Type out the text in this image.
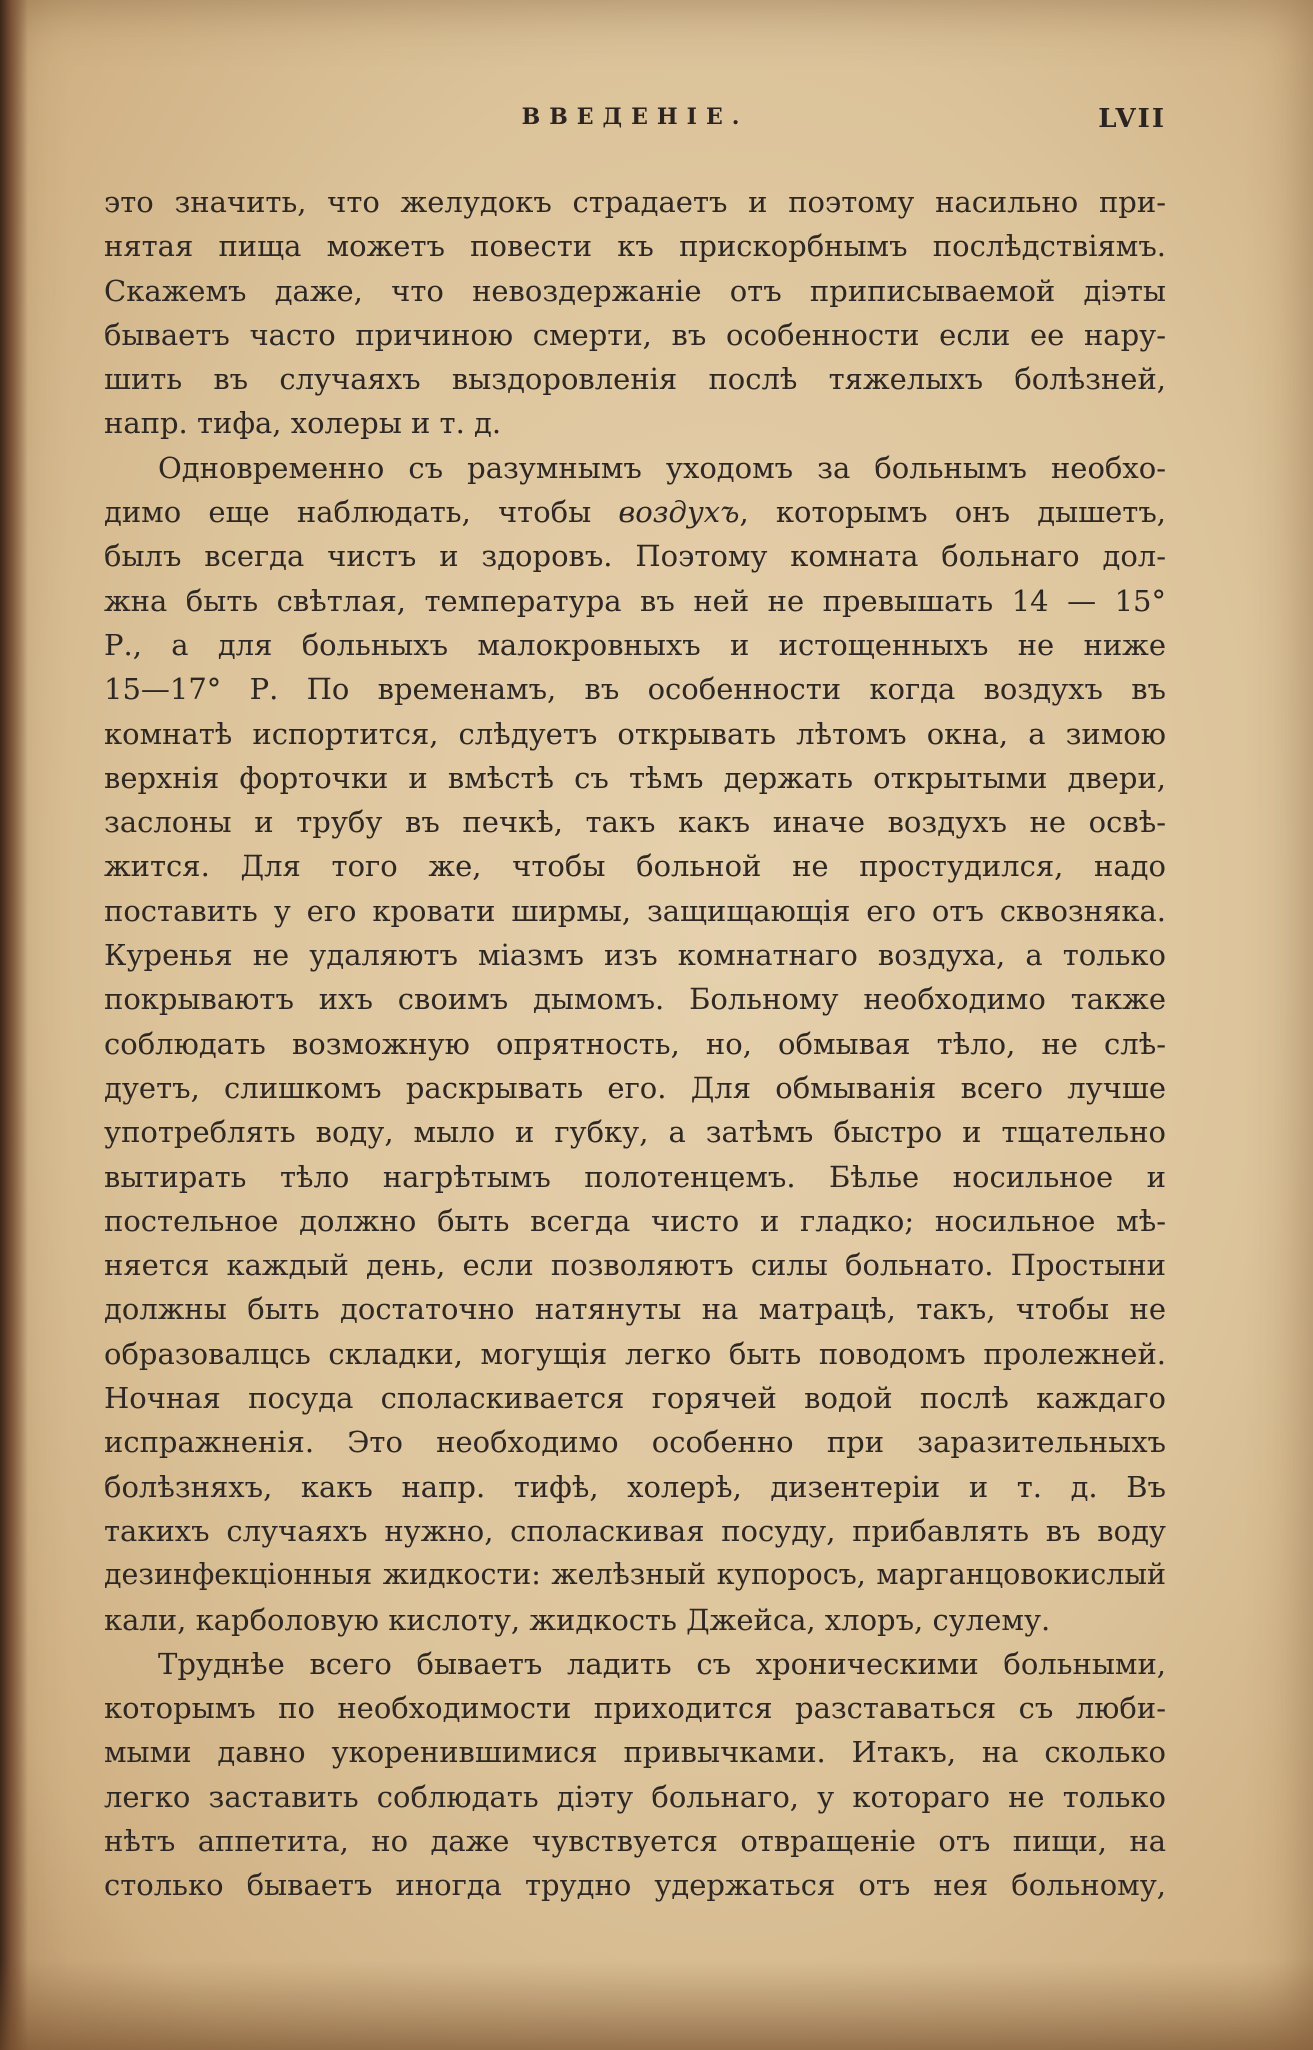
ВВЕДЕНIЕ.	LVII
это значить, что желудокъ страдаетъ и поэтому насильно при-
нятая пища можетъ повести къ прискорбнымъ послѣдствiямъ.
Скажемъ даже, что невоздержанiе отъ приписываемой дiэты
бываетъ часто причиною смерти, въ особенности если ее нару-
шить въ случаяхъ выздоровленiя послѣ тяжелыхъ болѣзней,
напр. тифа, холеры и т. д.
Одновременно съ разумнымъ уходомъ за больнымъ необхо-
димо еще наблюдать, чтобы воздухъ, которымъ онъ дышетъ,
былъ всегда чистъ и здоровъ. Поэтому комната больнаго дол-
жна быть свѣтлая, температура въ ней не превышать 14 — 15°
Р., а для больныхъ малокровныхъ и истощенныхъ не ниже
15—17° Р. По временамъ, въ особенности когда воздухъ въ
комнатѣ испортится, слѣдуетъ открывать лѣтомъ окна, а зимою
верхнiя форточки и вмѣстѣ съ тѣмъ держать открытыми двери,
заслоны и трубу въ печкѣ, такъ какъ иначе воздухъ не освѣ-
жится. Для того же, чтобы больной не простудился, надо
поставить у его кровати ширмы, защищающiя его отъ сквозняка.
Куренья не удаляютъ мiазмъ изъ комнатнаго воздуха, а только
покрываютъ ихъ своимъ дымомъ. Больному необходимо также
соблюдать возможную опрятность, но, обмывая тѣло, не слѣ-
дуетъ, слишкомъ раскрывать его. Для обмыванiя всего лучше
употреблять воду, мыло и губку, а затѣмъ быстро и тщательно
вытирать тѣло нагрѣтымъ полотенцемъ. Бѣлье носильное и
постельное должно быть всегда чисто и гладко; носильное мѣ-
няется каждый день, если позволяютъ силы больнато. Простыни
должны быть достаточно натянуты на матрацѣ, такъ, чтобы не
образовалцсь складки, могущiя легко быть поводомъ пролежней.
Ночная посуда споласкивается горячей водой послѣ каждаго
испражненiя. Это необходимо особенно при заразительныхъ
болѣзняхъ, какъ напр. тифѣ, холерѣ, дизентерiи и т. д. Въ
такихъ случаяхъ нужно, споласкивая посуду, прибавлять въ воду
дезинфекцiонныя жидкости: желѣзный купоросъ, марганцовокислый
кали, карболовую кислоту, жидкость Джейса, хлоръ, сулему.
Труднѣе всего бываетъ ладить съ хроническими больными,
которымъ по необходимости приходится разставаться съ люби-
мыми давно укоренившимися привычками. Итакъ, на сколько
легко заставить соблюдать дiэту больнаго, у котораго не только
нѣтъ аппетита, но даже чувствуется отвращенiе отъ пищи, на
столько бываетъ иногда трудно удержаться отъ нея больному,
